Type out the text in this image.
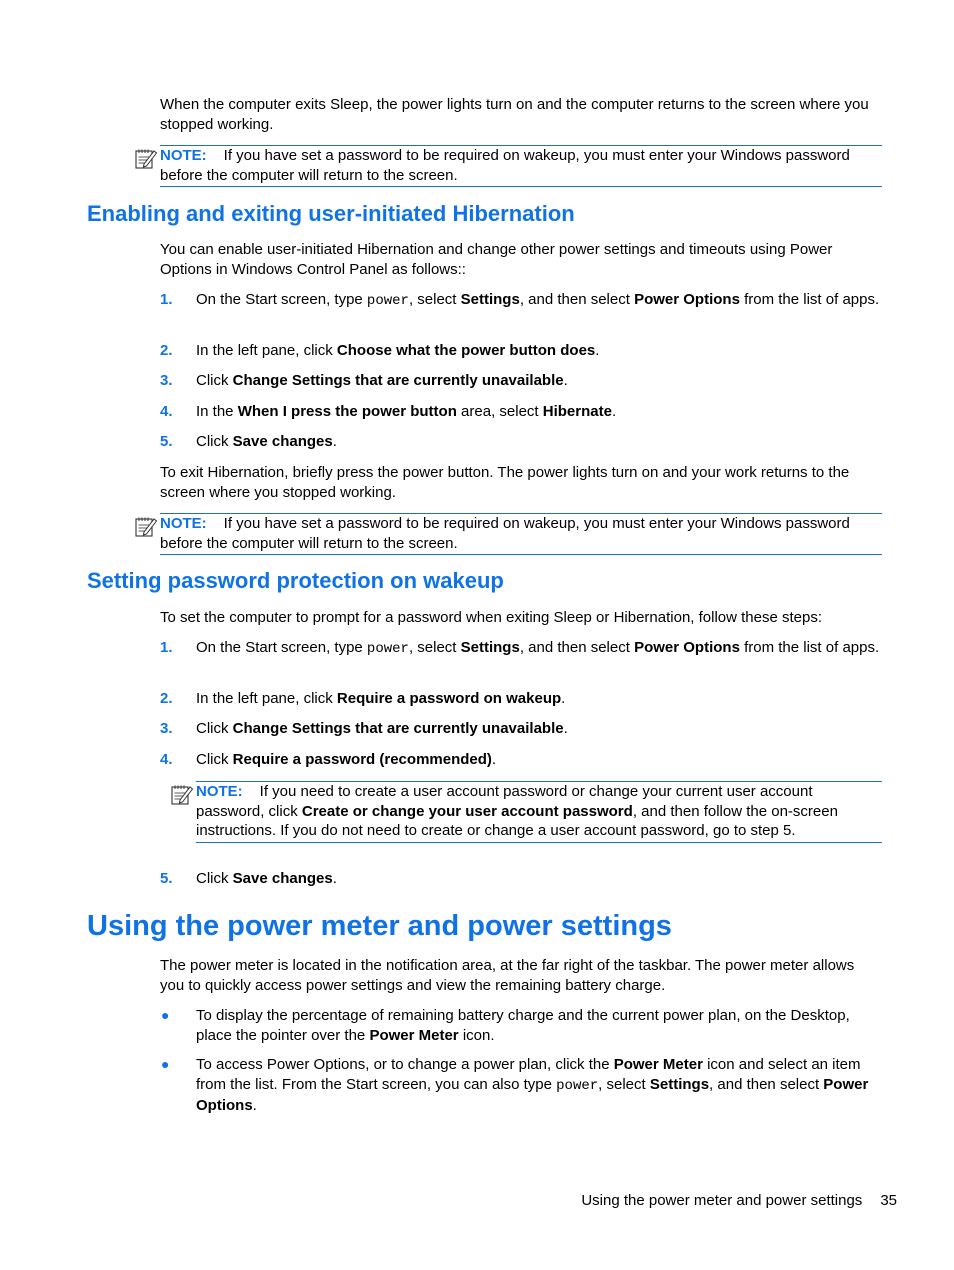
When the computer exits Sleep, the power lights turn on and the computer returns to the screen where you stopped working.

NOTE: If you have set a password to be required on wakeup, you must enter your Windows password before the computer will return to the screen.
Enabling and exiting user-initiated Hibernation

You can enable user-initiated Hibernation and change other power settings and timeouts using Power Options in Windows Control Panel as follows::

1. On the Start screen, type power, select Settings, and then select Power Options from the list of apps.
2. In the left pane, click Choose what the power button does.
3. Click Change Settings that are currently unavailable.
4. In the When I press the power button area, select Hibernate.
5. Click Save changes.

To exit Hibernation, briefly press the power button. The power lights turn on and your work returns to the screen where you stopped working.

NOTE: If you have set a password to be required on wakeup, you must enter your Windows password before the computer will return to the screen.
Setting password protection on wakeup

To set the computer to prompt for a password when exiting Sleep or Hibernation, follow these steps:

1. On the Start screen, type power, select Settings, and then select Power Options from the list of apps.
2. In the left pane, click Require a password on wakeup.
3. Click Change Settings that are currently unavailable.
4. Click Require a password (recommended).
NOTE: If you need to create a user account password or change your current user account password, click Create or change your user account password, and then follow the on-screen instructions. If you do not need to create or change a user account password, go to step 5.
5. Click Save changes.
Using the power meter and power settings

The power meter is located in the notification area, at the far right of the taskbar. The power meter allows you to quickly access power settings and view the remaining battery charge.

● To display the percentage of remaining battery charge and the current power plan, on the Desktop, place the pointer over the Power Meter icon.
● To access Power Options, or to change a power plan, click the Power Meter icon and select an item from the list. From the Start screen, you can also type power, select Settings, and then select Power Options.
Using the power meter and power settings 35
